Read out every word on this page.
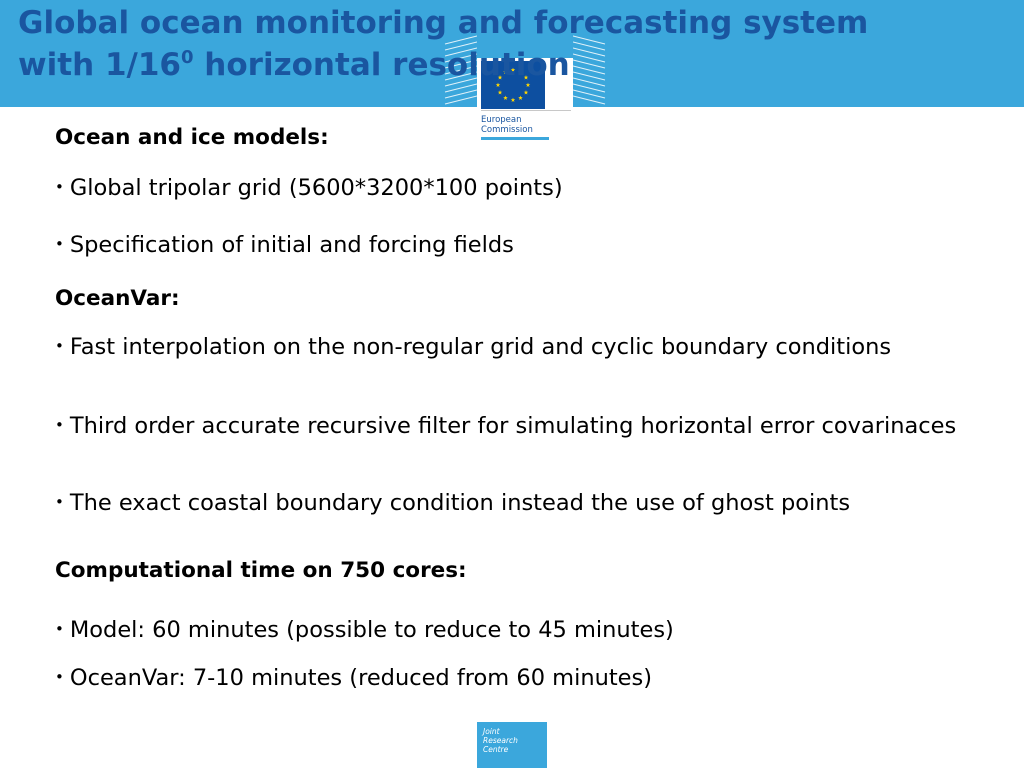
Global ocean monitoring and forecasting system
with $1/16^0$ horizontal resolution
European
Commission

Ocean and ice models:

• Global tripolar grid (5600*3200*100 points)

• Specification of initial and forcing fields

OceanVar:

• Fast interpolation on the non-regular grid and cyclic boundary conditions

• Third order accurate recursive filter for simulating horizontal error covarinaces

• The exact coastal boundary condition instead the use of ghost points

Computational time on 750 cores:

• Model: 60 minutes (possible to reduce to 45 minutes)

• OceanVar: 7-10 minutes (reduced from 60 minutes)

Joint
Research
Centre
